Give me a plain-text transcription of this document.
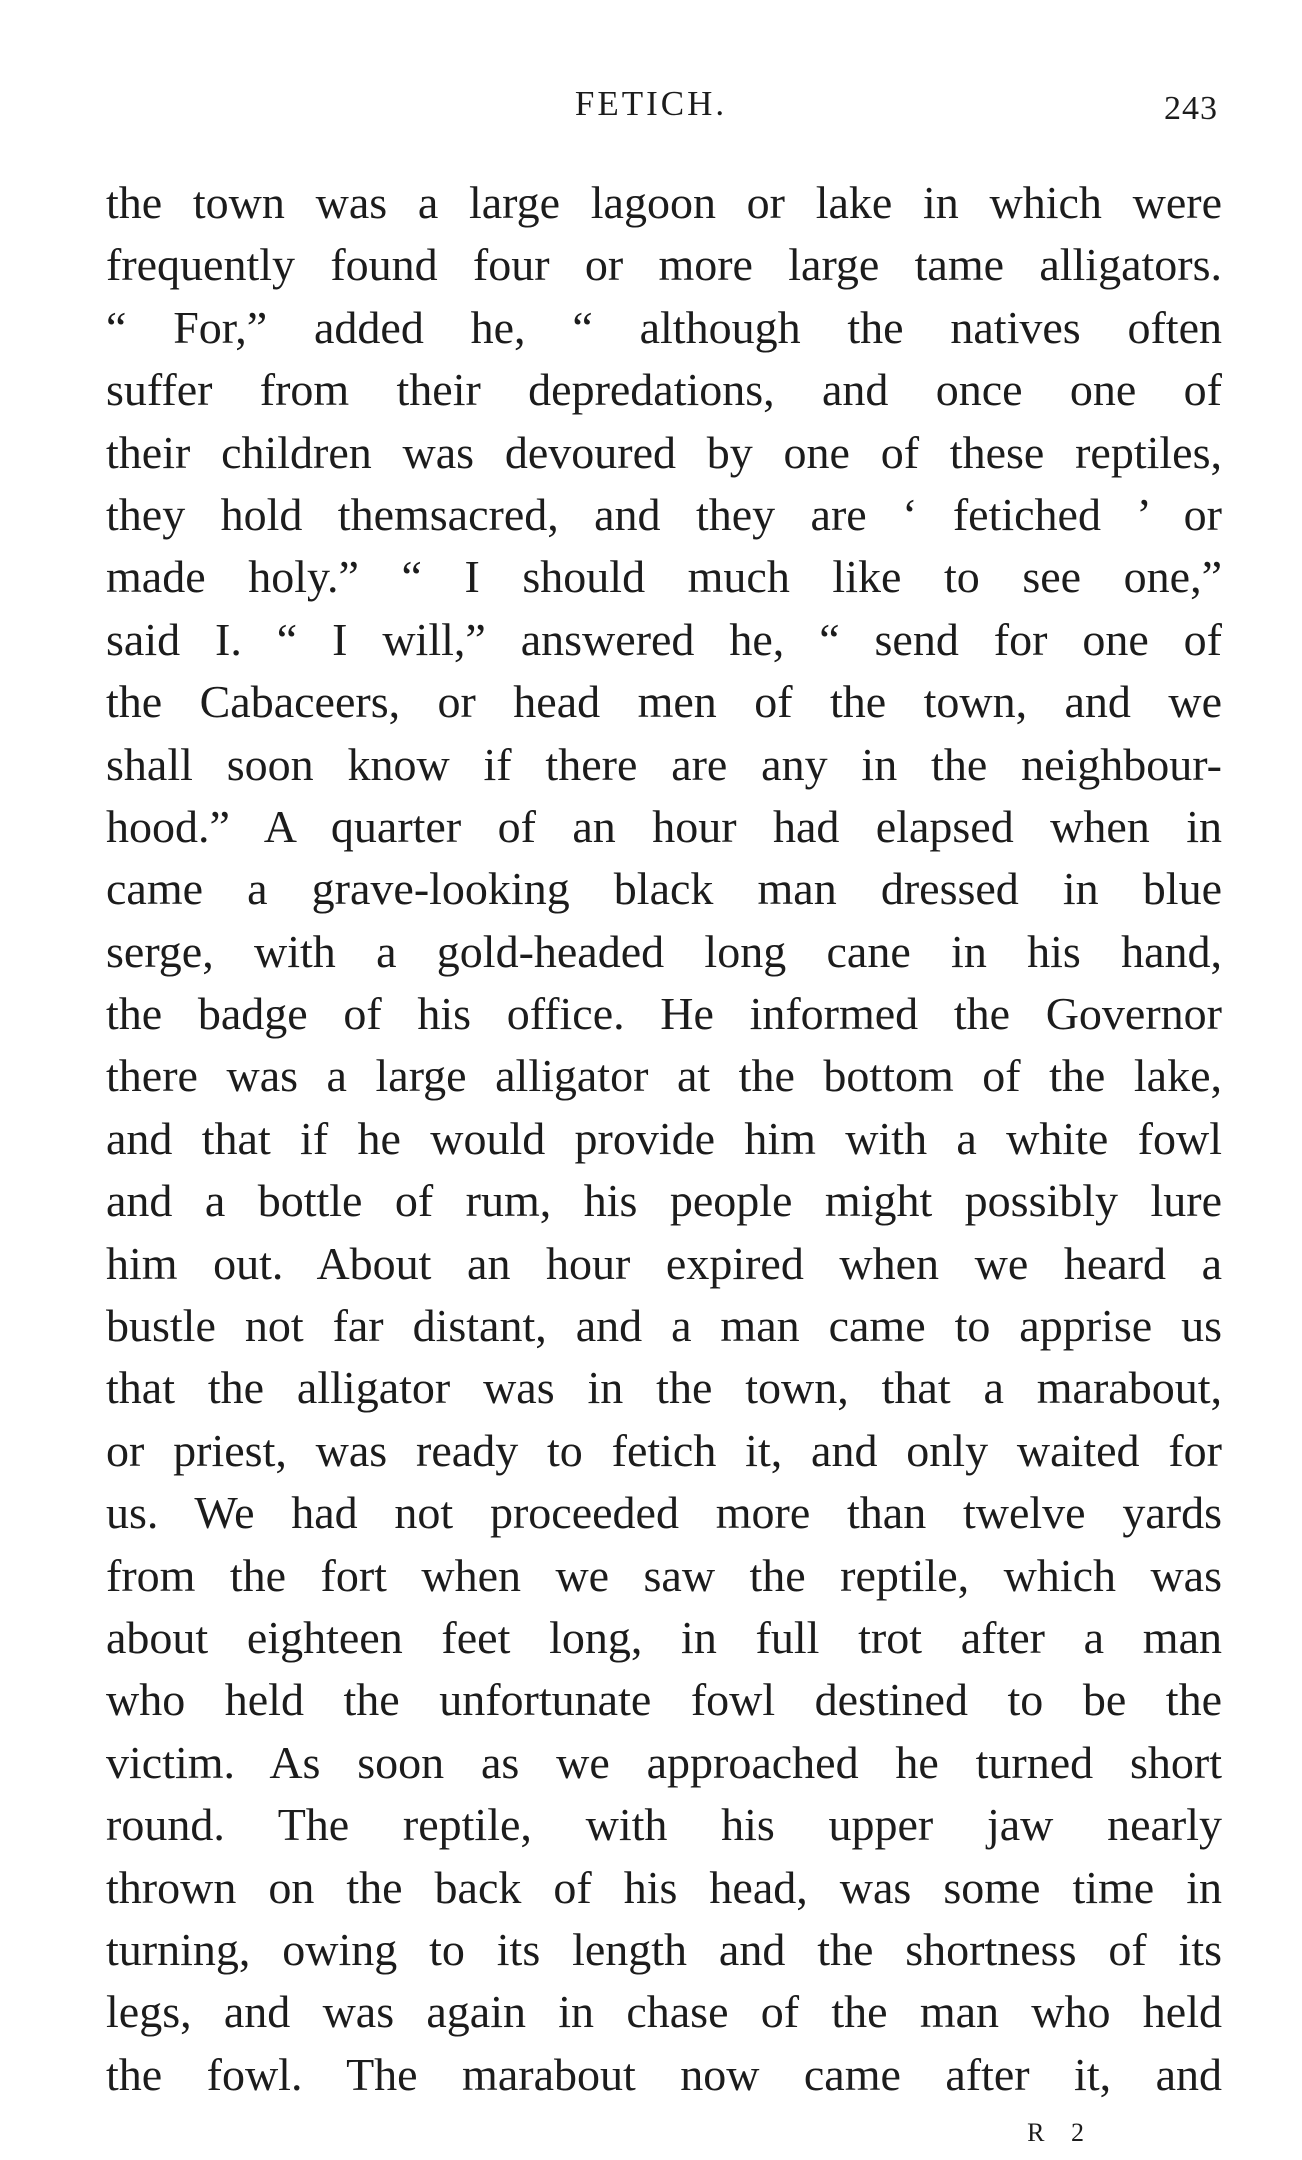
FETICH.	243
the town was a large lagoon or lake in which were
frequently found four or more large tame alligators.
“ For,” added he, “ although the natives often
suffer from their depredations, and once one of
their children was devoured by one of these reptiles,
they hold themsacred, and they are ‘ fetiched ’ or
made holy.” “ I should much like to see one,”
said I. “ I will,” answered he, “ send for one of
the Cabaceers, or head men of the town, and we
shall soon know if there are any in the neighbour-
hood.” A quarter of an hour had elapsed when in
came a grave-looking black man dressed in blue
serge, with a gold-headed long cane in his hand,
the badge of his office. He informed the Governor
there was a large alligator at the bottom of the lake,
and that if he would provide him with a white fowl
and a bottle of rum, his people might possibly lure
him out. About an hour expired when we heard a
bustle not far distant, and a man came to apprise us
that the alligator was in the town, that a marabout,
or priest, was ready to fetich it, and only waited for
us. We had not proceeded more than twelve yards
from the fort when we saw the reptile, which was
about eighteen feet long, in full trot after a man
who held the unfortunate fowl destined to be the
victim. As soon as we approached he turned short
round. The reptile, with his upper jaw nearly
thrown on the back of his head, was some time in
turning, owing to its length and the shortness of its
legs, and was again in chase of the man who held
the fowl. The marabout now came after it, and
R 2
